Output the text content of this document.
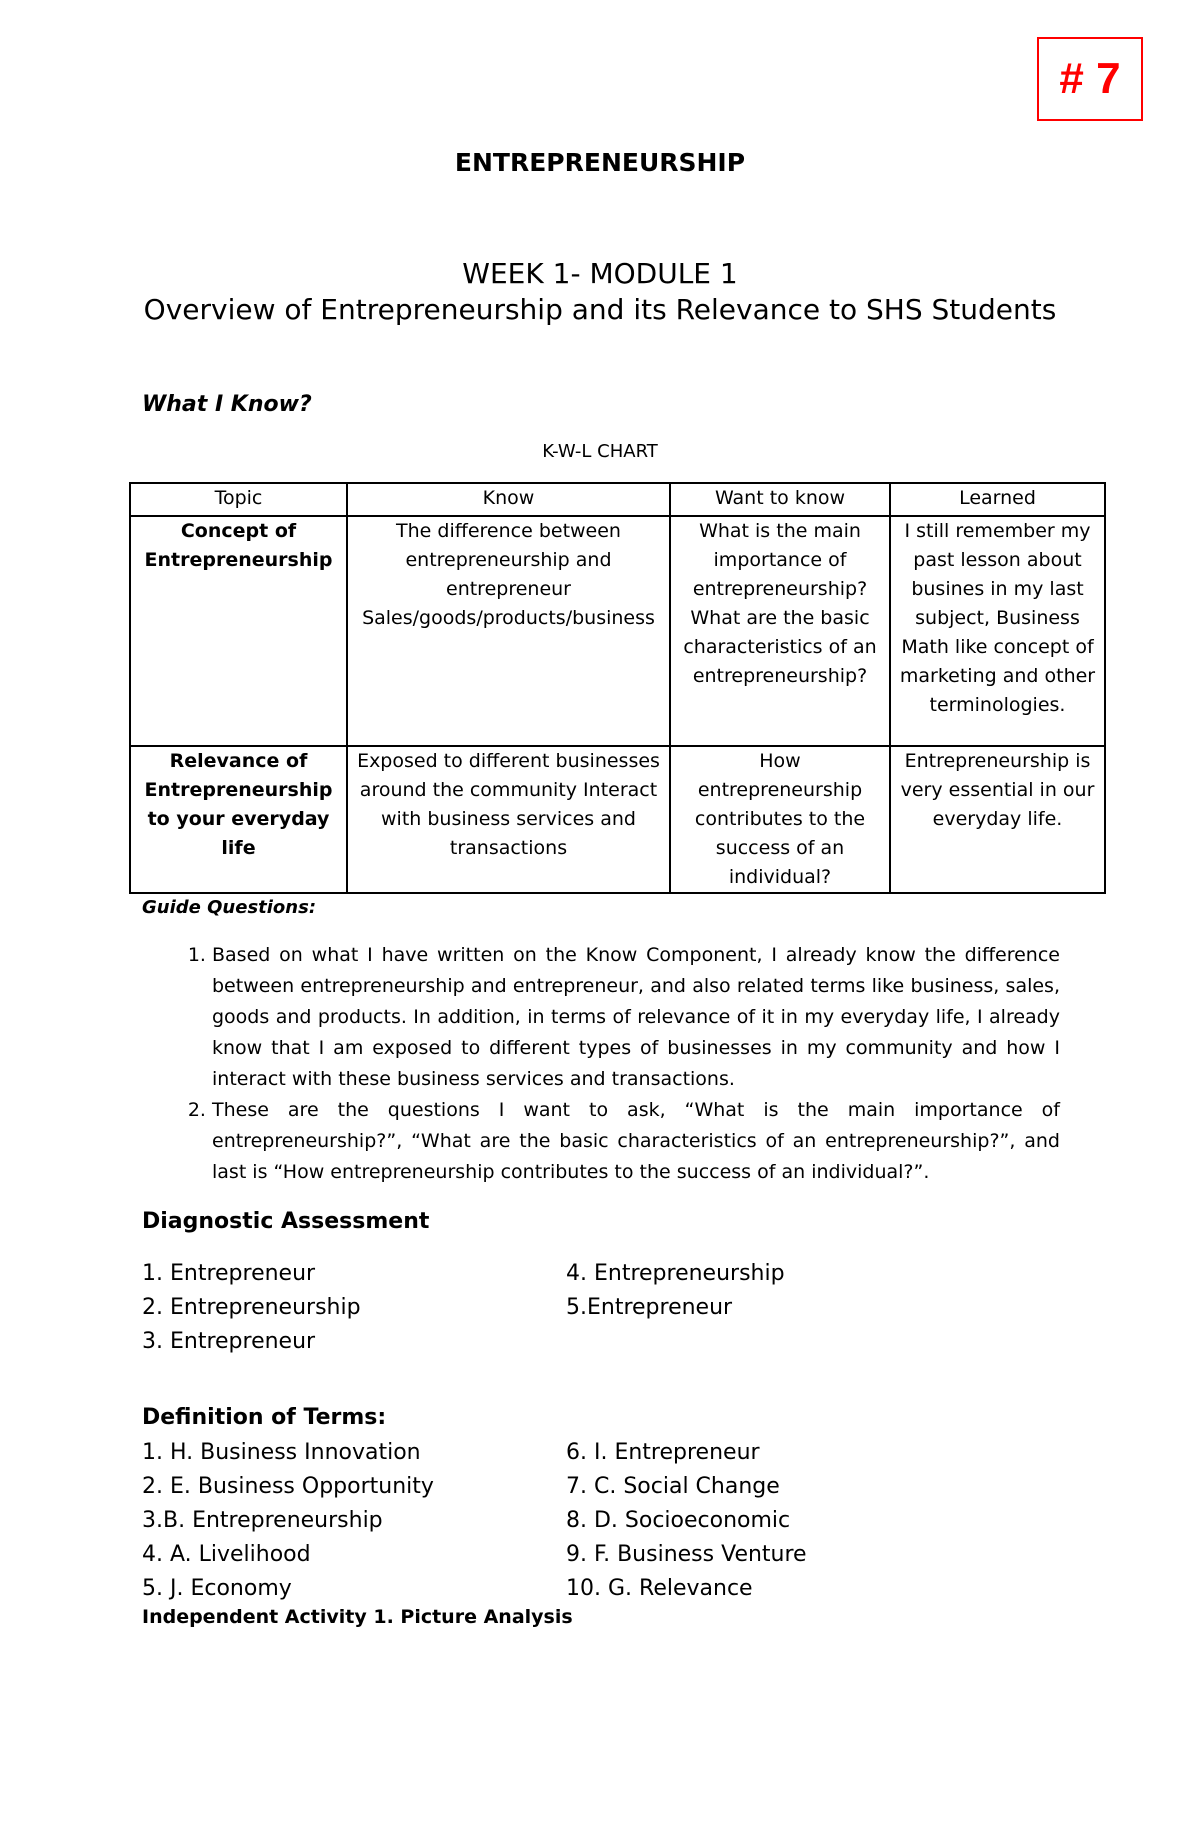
# 7
ENTREPRENEURSHIP
WEEK 1- MODULE 1
Overview of Entrepreneurship and its Relevance to SHS Students
What I Know?
K-W-L CHART
Topic	Know	Want to know	Learned
Concept of Entrepreneurship	The difference between entrepreneurship and entrepreneur Sales/goods/products/business	What is the main importance of entrepreneurship? What are the basic characteristics of an entrepreneurship?	I still remember my past lesson about busines in my last subject, Business Math like concept of marketing and other terminologies.
Relevance of Entrepreneurship to your everyday life	Exposed to different businesses around the community Interact with business services and transactions	How entrepreneurship contributes to the success of an individual?	Entrepreneurship is very essential in our everyday life.
Guide Questions:
1. Based on what I have written on the Know Component, I already know the difference between entrepreneurship and entrepreneur, and also related terms like business, sales, goods and products. In addition, in terms of relevance of it in my everyday life, I already know that I am exposed to different types of businesses in my community and how I interact with these business services and transactions.
2. These are the questions I want to ask, “What is the main importance of entrepreneurship?”, “What are the basic characteristics of an entrepreneurship?”, and last is “How entrepreneurship contributes to the success of an individual?”.
Diagnostic Assessment
1. Entrepreneur
2. Entrepreneurship
3. Entrepreneur
4. Entrepreneurship
5.Entrepreneur
Definition of Terms:
1. H. Business Innovation
2. E. Business Opportunity
3.B. Entrepreneurship
4. A. Livelihood
5. J. Economy
6. I. Entrepreneur
7. C. Social Change
8. D. Socioeconomic
9. F. Business Venture
10. G. Relevance
Independent Activity 1. Picture Analysis
